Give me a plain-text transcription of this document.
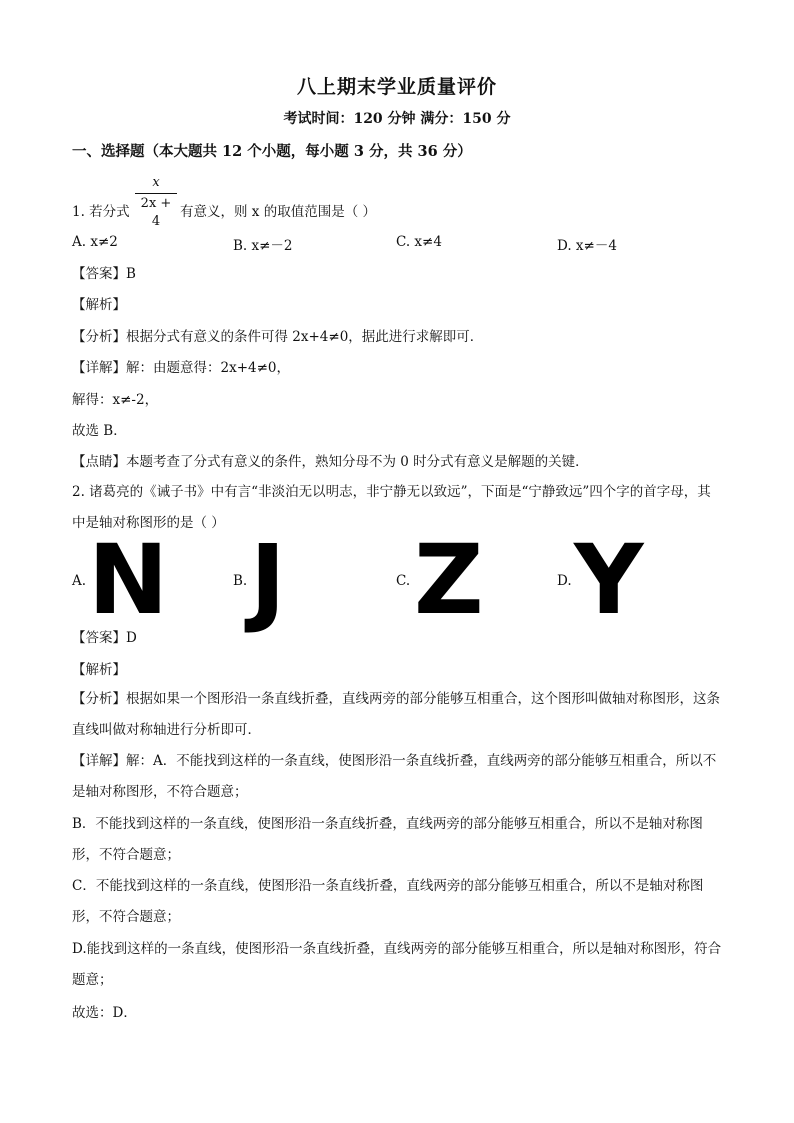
八上期末学业质量评价
考试时间：120 分钟 满分：150 分
一、选择题（本大题共 12 个小题，每小题 3 分，共 36 分）
1. 若分式
x
2x + 4
有意义，则 x 的取值范围是（ ）
A. x≠2	B. x≠－2	C. x≠4	D. x≠－4
【答案】B
【解析】
【分析】根据分式有意义的条件可得 2x+4≠0，据此进行求解即可．
【详解】解：由题意得：2x+4≠0，
解得：x≠-2，
故选 B．
【点睛】本题考查了分式有意义的条件，熟知分母不为 0 时分式有意义是解题的关键．
2. 诸葛亮的《诫子书》中有言“非淡泊无以明志，非宁静无以致远”，下面是“宁静致远”四个字的首字母，其中是轴对称图形的是（ ）
A. N	B. J	C. Z	D. Y
【答案】D
【解析】
【分析】根据如果一个图形沿一条直线折叠，直线两旁的部分能够互相重合，这个图形叫做轴对称图形，这条直线叫做对称轴进行分析即可．
【详解】解：A．不能找到这样的一条直线，使图形沿一条直线折叠，直线两旁的部分能够互相重合，所以不是轴对称图形，不符合题意；
B．不能找到这样的一条直线，使图形沿一条直线折叠，直线两旁的部分能够互相重合，所以不是轴对称图形，不符合题意；
C．不能找到这样的一条直线，使图形沿一条直线折叠，直线两旁的部分能够互相重合，所以不是轴对称图形，不符合题意；
D.能找到这样的一条直线，使图形沿一条直线折叠，直线两旁的部分能够互相重合，所以是轴对称图形，符合题意；
故选：D．
